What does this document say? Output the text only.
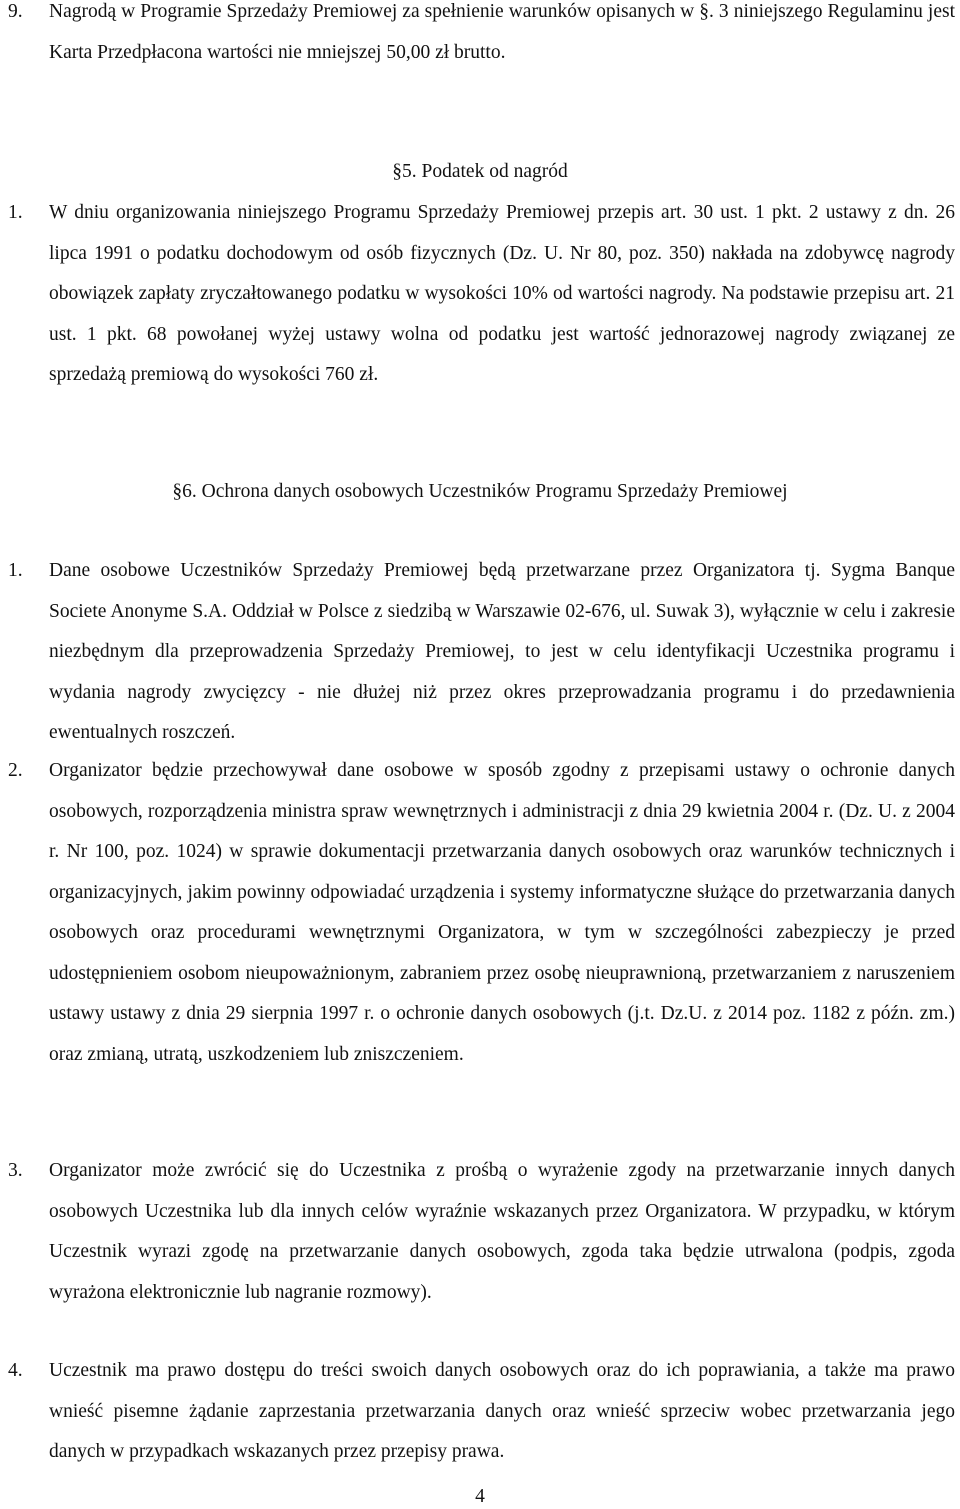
9. Nagrodą w Programie Sprzedaży Premiowej za spełnienie warunków opisanych w §. 3 niniejszego Regulaminu jest Karta Przedpłacona wartości nie mniejszej 50,00 zł brutto.
§5. Podatek od nagród
1. W dniu organizowania niniejszego Programu Sprzedaży Premiowej przepis art. 30 ust. 1 pkt. 2 ustawy z dn. 26 lipca 1991 o podatku dochodowym od osób fizycznych (Dz. U. Nr 80, poz. 350) nakłada na zdobywcę nagrody obowiązek zapłaty zryczałtowanego podatku w wysokości 10% od wartości nagrody. Na podstawie przepisu art. 21 ust. 1 pkt. 68 powołanej wyżej ustawy wolna od podatku jest wartość jednorazowej nagrody związanej ze sprzedażą premiową do wysokości 760 zł.
§6. Ochrona danych osobowych Uczestników Programu Sprzedaży Premiowej
1. Dane osobowe Uczestników Sprzedaży Premiowej będą przetwarzane przez Organizatora tj. Sygma Banque Societe Anonyme S.A. Oddział w Polsce z siedzibą w Warszawie 02-676, ul. Suwak 3), wyłącznie w celu i zakresie niezbędnym dla przeprowadzenia Sprzedaży Premiowej, to jest w celu identyfikacji Uczestnika programu i wydania nagrody zwycięzcy - nie dłużej niż przez okres przeprowadzania programu i do przedawnienia ewentualnych roszczeń.
2. Organizator będzie przechowywał dane osobowe w sposób zgodny z przepisami ustawy o ochronie danych osobowych, rozporządzenia ministra spraw wewnętrznych i administracji z dnia 29 kwietnia 2004 r. (Dz. U. z 2004 r. Nr 100, poz. 1024) w sprawie dokumentacji przetwarzania danych osobowych oraz warunków technicznych i organizacyjnych, jakim powinny odpowiadać urządzenia i systemy informatyczne służące do przetwarzania danych osobowych oraz procedurami wewnętrznymi Organizatora, w tym w szczególności zabezpieczy je przed udostępnieniem osobom nieupoważnionym, zabraniem przez osobę nieuprawnioną, przetwarzaniem z naruszeniem ustawy ustawy z dnia 29 sierpnia 1997 r. o ochronie danych osobowych (j.t. Dz.U. z 2014 poz. 1182 z późn. zm.) oraz zmianą, utratą, uszkodzeniem lub zniszczeniem.
3. Organizator może zwrócić się do Uczestnika z prośbą o wyrażenie zgody na przetwarzanie innych danych osobowych Uczestnika lub dla innych celów wyraźnie wskazanych przez Organizatora. W przypadku, w którym Uczestnik wyrazi zgodę na przetwarzanie danych osobowych, zgoda taka będzie utrwalona (podpis, zgoda wyrażona elektronicznie lub nagranie rozmowy).
4. Uczestnik ma prawo dostępu do treści swoich danych osobowych oraz do ich poprawiania, a także ma prawo wnieść pisemne żądanie zaprzestania przetwarzania danych oraz wnieść sprzeciw wobec przetwarzania jego danych w przypadkach wskazanych przez przepisy prawa.
4
